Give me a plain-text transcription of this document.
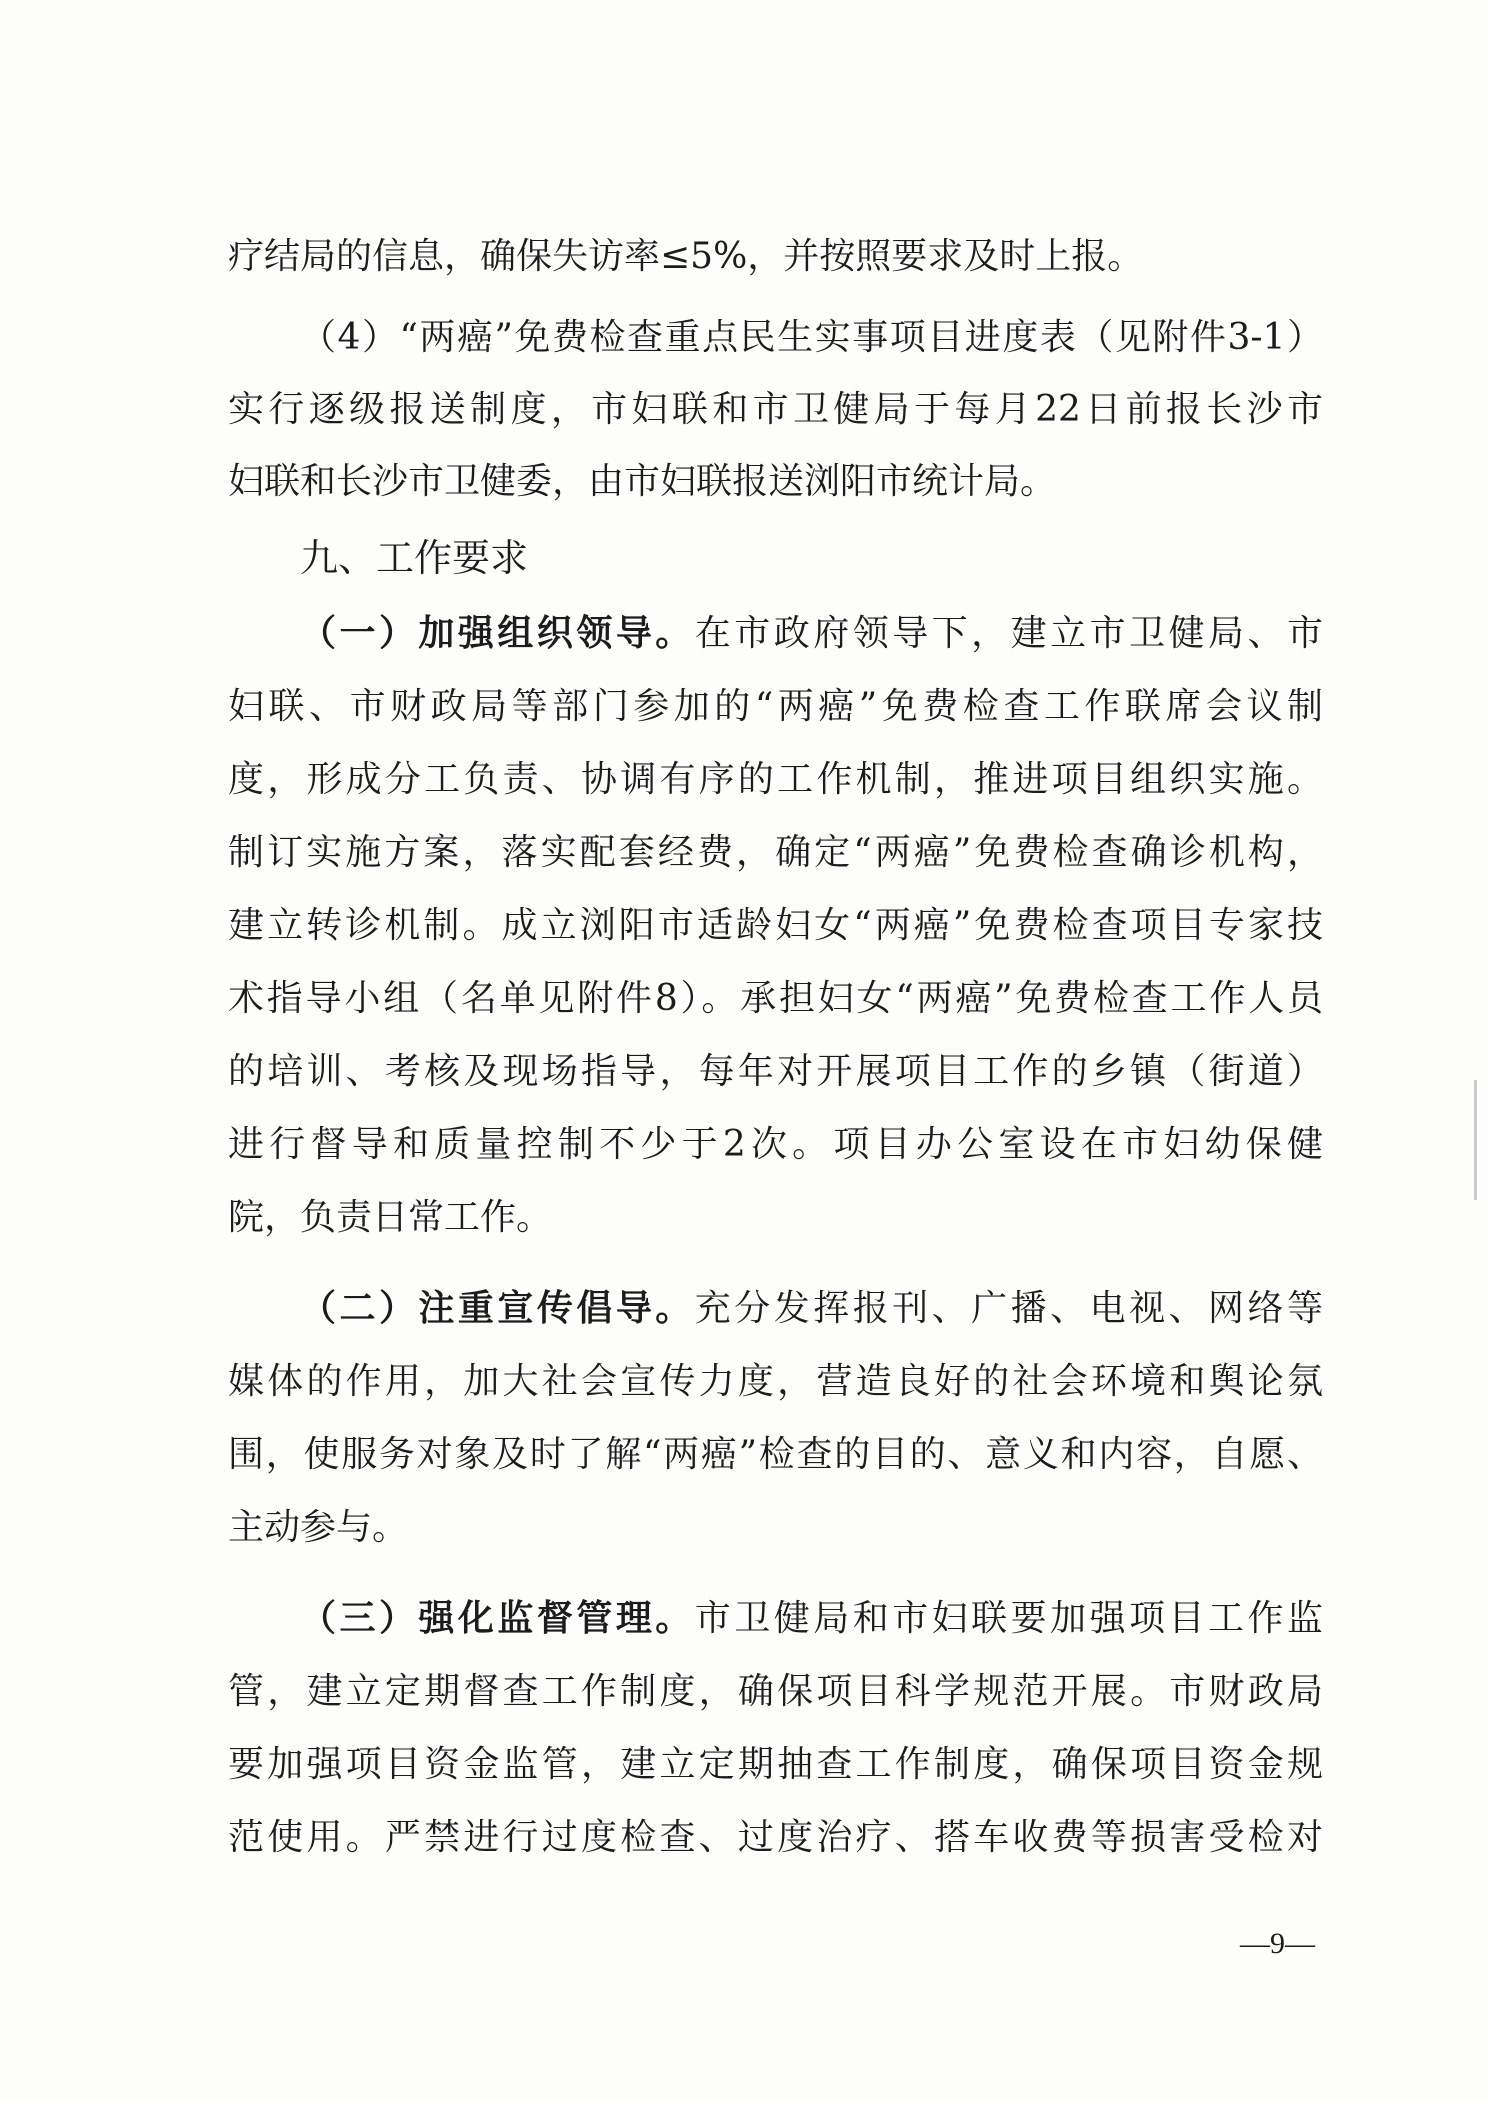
疗结局的信息，确保失访率≤5%，并按照要求及时上报。

（4）“两癌”免费检查重点民生实事项目进度表（见附件3-1）

实行逐级报送制度，市妇联和市卫健局于每月22日前报长沙市

妇联和长沙市卫健委，由市妇联报送浏阳市统计局。

九、工作要求

（一）加强组织领导。在市政府领导下，建立市卫健局、市

妇联、市财政局等部门参加的“两癌”免费检查工作联席会议制

度，形成分工负责、协调有序的工作机制，推进项目组织实施。

制订实施方案，落实配套经费，确定“两癌”免费检查确诊机构，

建立转诊机制。成立浏阳市适龄妇女“两癌”免费检查项目专家技

术指导小组（名单见附件8）。承担妇女“两癌”免费检查工作人员

的培训、考核及现场指导，每年对开展项目工作的乡镇（街道）

进行督导和质量控制不少于2次。项目办公室设在市妇幼保健

院，负责日常工作。

（二）注重宣传倡导。充分发挥报刊、广播、电视、网络等

媒体的作用，加大社会宣传力度，营造良好的社会环境和舆论氛

围，使服务对象及时了解“两癌”检查的目的、意义和内容，自愿、

主动参与。

（三）强化监督管理。市卫健局和市妇联要加强项目工作监

管，建立定期督查工作制度，确保项目科学规范开展。市财政局

要加强项目资金监管，建立定期抽查工作制度，确保项目资金规

范使用。严禁进行过度检查、过度治疗、搭车收费等损害受检对

—9—
